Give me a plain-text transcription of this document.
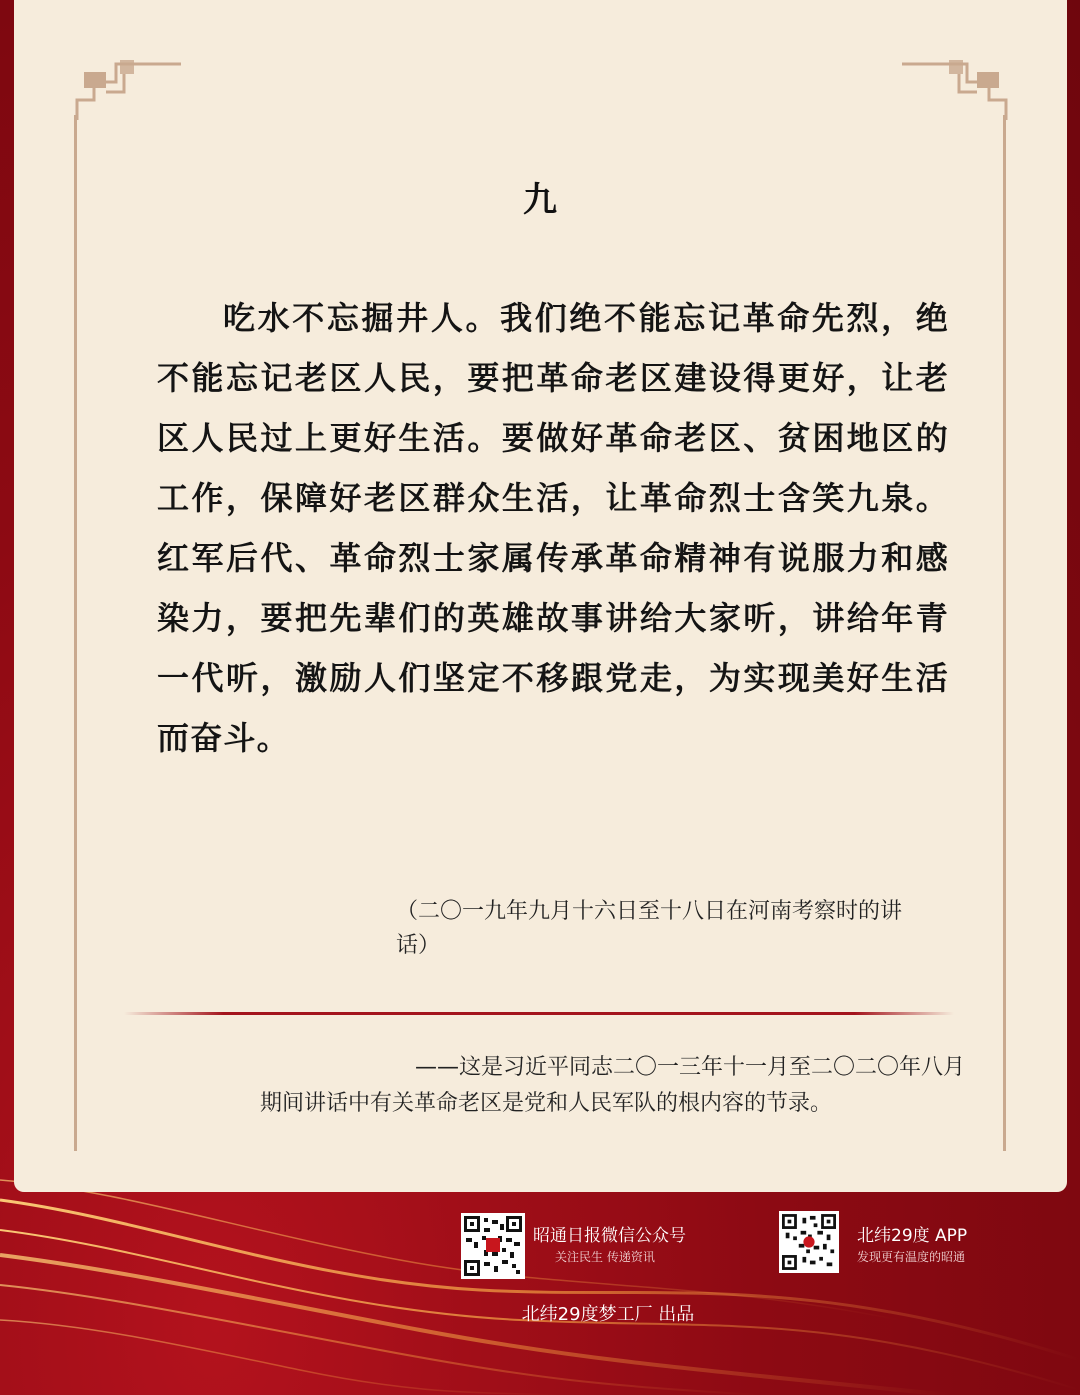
九

吃水不忘掘井人。我们绝不能忘记革命先烈，绝不能忘记老区人民，要把革命老区建设得更好，让老区人民过上更好生活。要做好革命老区、贫困地区的工作，保障好老区群众生活，让革命烈士含笑九泉。红军后代、革命烈士家属传承革命精神有说服力和感染力，要把先辈们的英雄故事讲给大家听，讲给年青一代听，激励人们坚定不移跟党走，为实现美好生活而奋斗。

（二〇一九年九月十六日至十八日在河南考察时的讲话）

——这是习近平同志二〇一三年十一月至二〇二〇年八月
期间讲话中有关革命老区是党和人民军队的根内容的节录。

昭通日报微信公众号
关注民生 传递资讯
北纬29度 APP
发现更有温度的昭通
北纬29度梦工厂 出品
